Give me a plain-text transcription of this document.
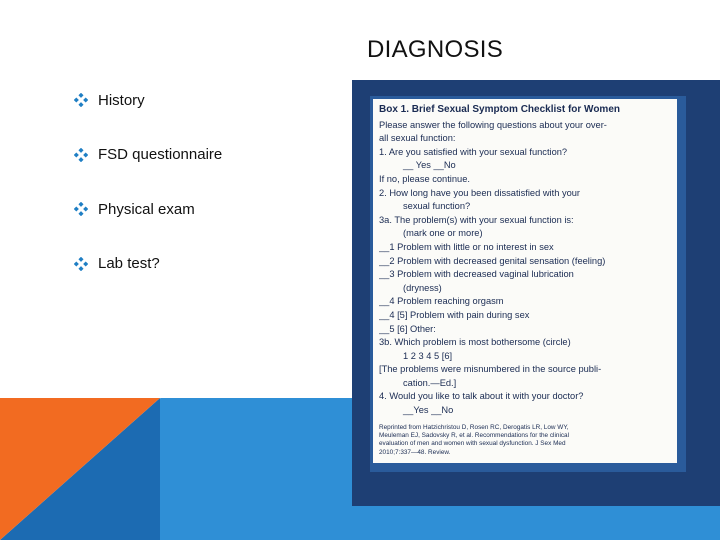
DIAGNOSIS
History
FSD questionnaire
Physical exam
Lab test?
Box 1. Brief Sexual Symptom Checklist for Women
Please answer the following questions about your over-
all sexual function:
1. Are you satisfied with your sexual function?
__ Yes __No
If no, please continue.
2. How long have you been dissatisfied with your
sexual function?
3a. The problem(s) with your sexual function is:
(mark one or more)
__1 Problem with little or no interest in sex
__2 Problem with decreased genital sensation (feeling)
__3 Problem with decreased vaginal lubrication
(dryness)
__4 Problem reaching orgasm
__4 [5] Problem with pain during sex
__5 [6] Other:
3b. Which problem is most bothersome (circle)
1 2 3 4 5 [6]
[The problems were misnumbered in the source publi-
cation.—Ed.]
4. Would you like to talk about it with your doctor?
__Yes __No
Reprinted from Hatzichristou D, Rosen RC, Derogatis LR, Low WY,
Meuleman EJ, Sadovsky R, et al. Recommendations for the clinical
evaluation of men and women with sexual dysfunction. J Sex Med
2010;7:337—48. Review.
